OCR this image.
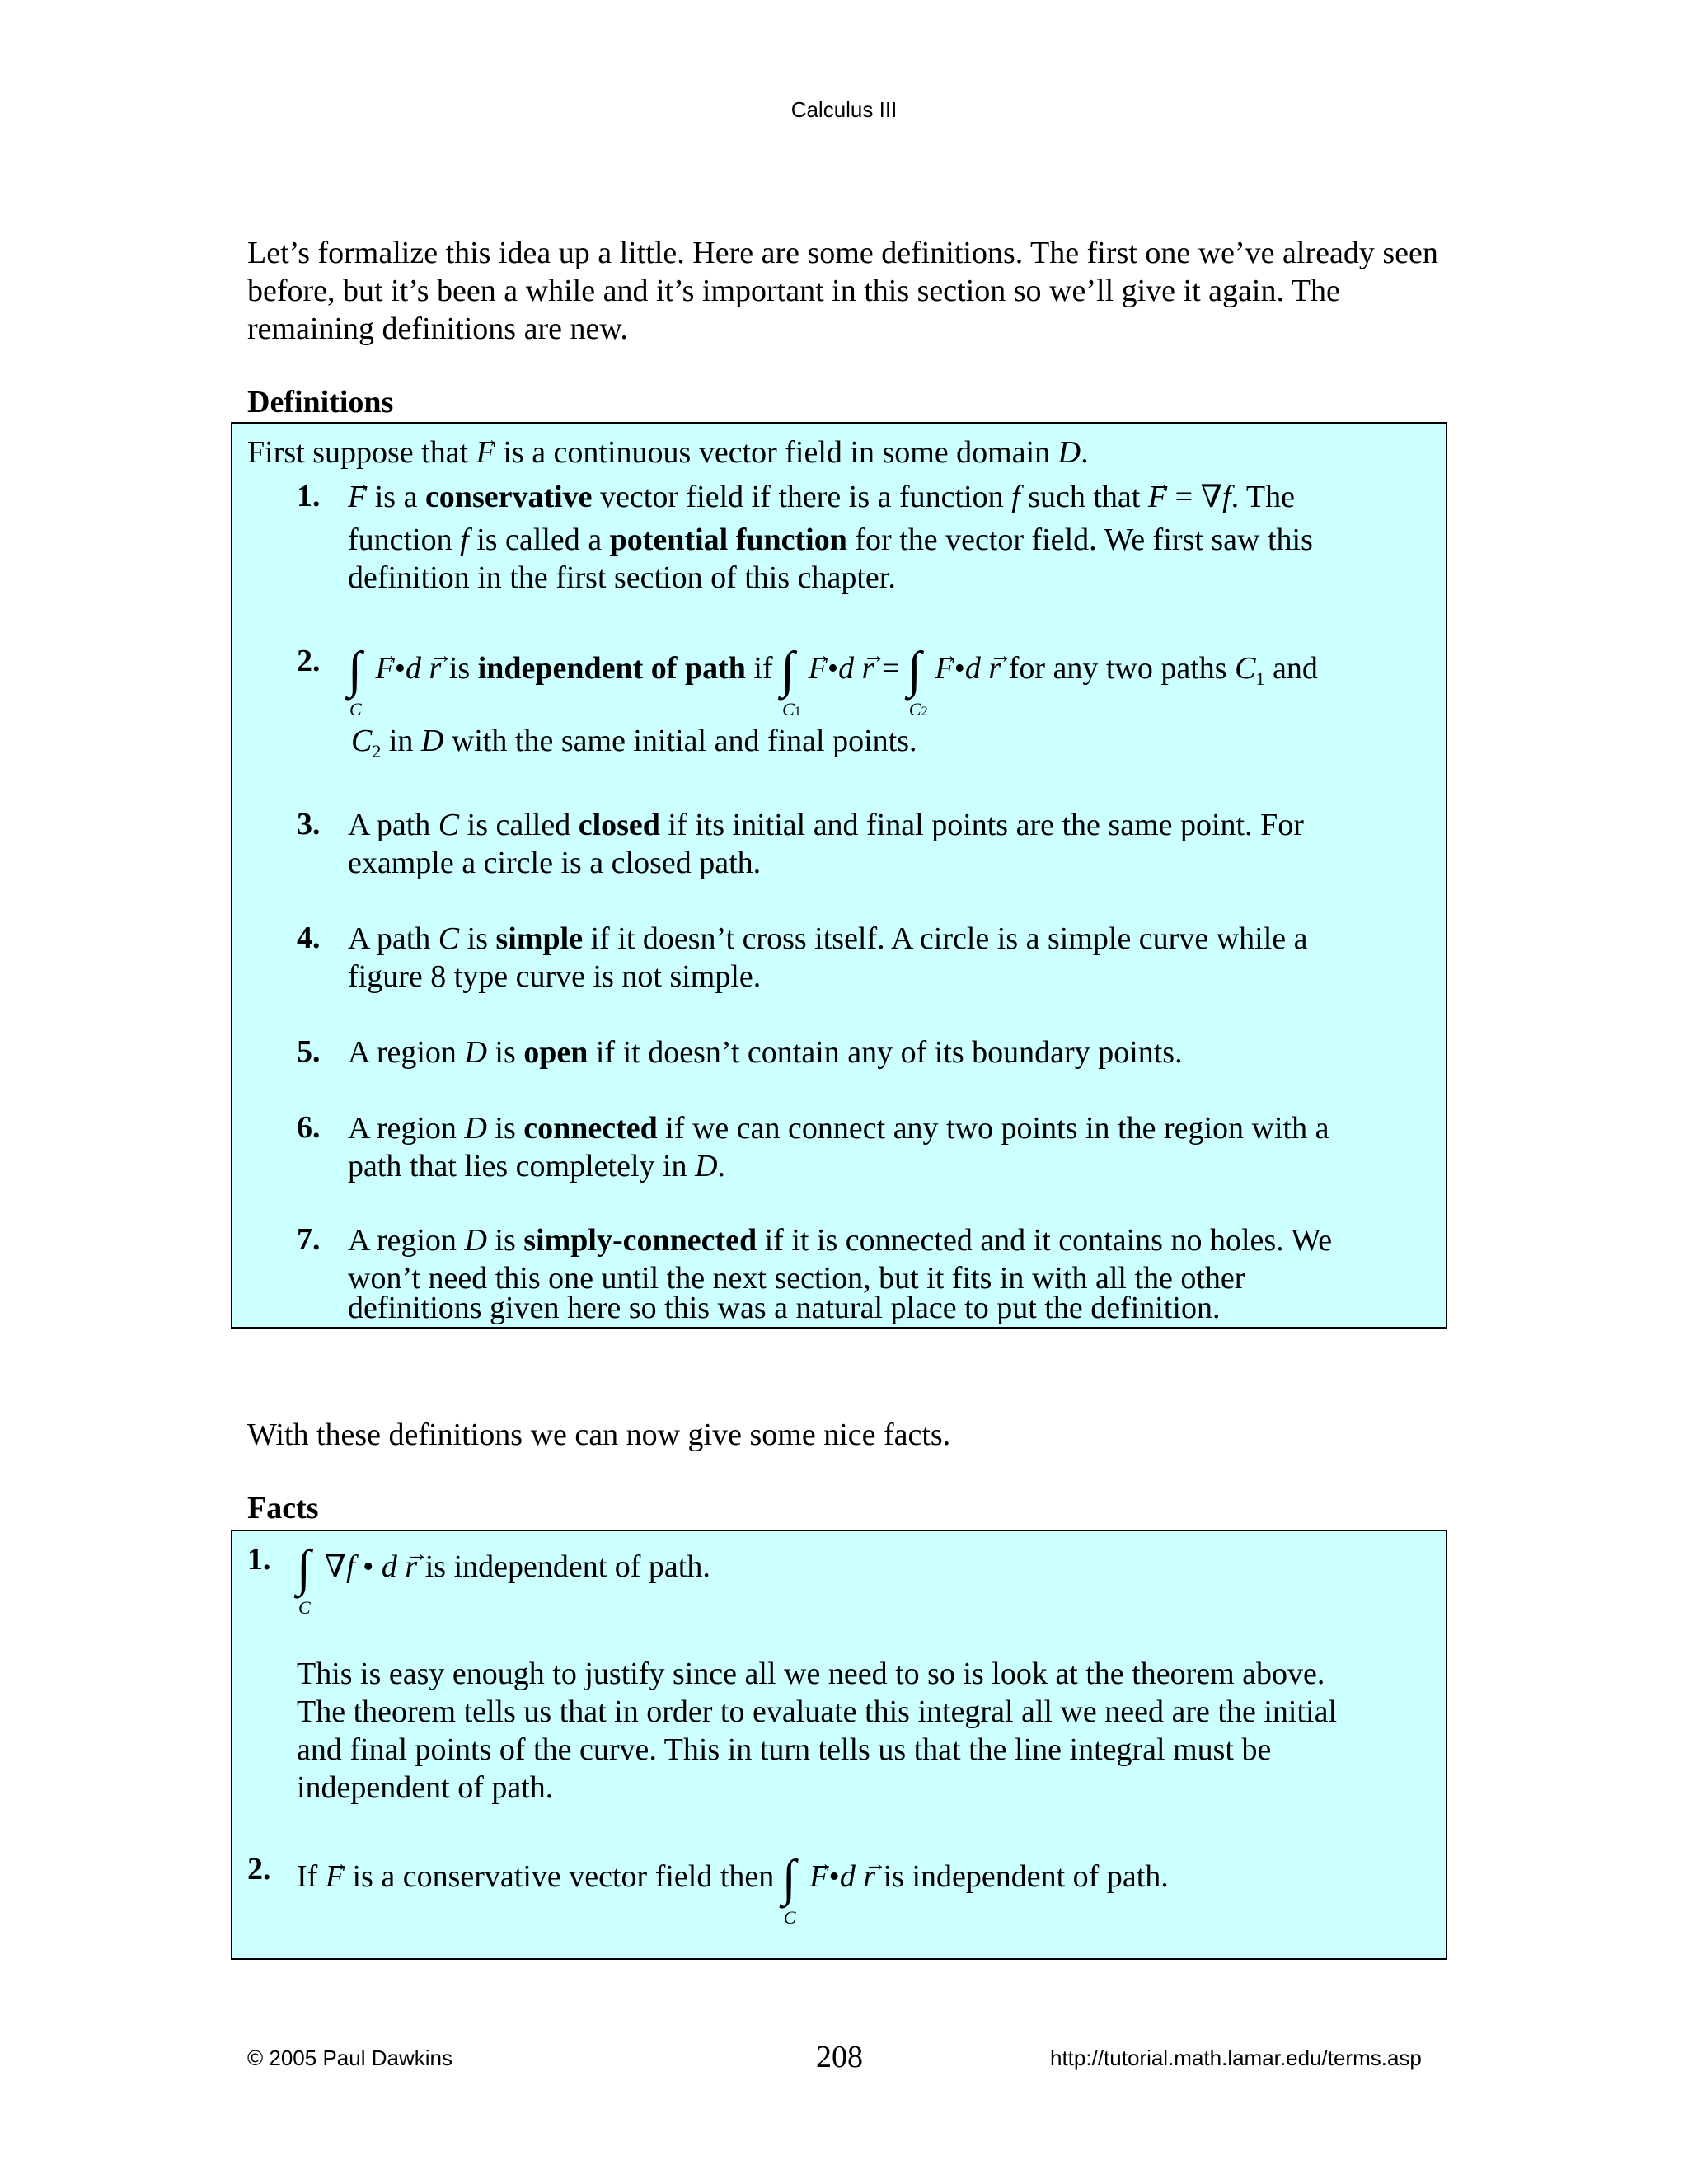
Calculus III

Let’s formalize this idea up a little. Here are some definitions. The first one we’ve already seen before, but it’s been a while and it’s important in this section so we’ll give it again. The remaining definitions are new.

Definitions
First suppose that → F is a continuous vector field in some domain D.
1. → F is a conservative vector field if there is a function f such that → F = ∇f. The
function f is called a potential function for the vector field. We first saw this
definition in the first section of this chapter.
2. ∫
C
→ F•d → r is independent of path if ∫
C1
→ F•d → r = ∫
C2
→ F•d → r for any two paths $C_1$ and
$C_2$ in D with the same initial and final points.
3. A path C is called closed if its initial and final points are the same point. For
example a circle is a closed path.
4. A path C is simple if it doesn’t cross itself. A circle is a simple curve while a
figure 8 type curve is not simple.
5. A region D is open if it doesn’t contain any of its boundary points.
6. A region D is connected if we can connect any two points in the region with a
path that lies completely in D.
7. A region D is simply-connected if it is connected and it contains no holes. We
won’t need this one until the next section, but it fits in with all the other
definitions given here so this was a natural place to put the definition.

With these definitions we can now give some nice facts.

Facts
1. ∫
C
∇f • d → r is independent of path.
This is easy enough to justify since all we need to so is look at the theorem above.
The theorem tells us that in order to evaluate this integral all we need are the initial
and final points of the curve. This in turn tells us that the line integral must be
independent of path.
2. If → F is a conservative vector field then ∫
C
→ F•d → r is independent of path.
© 2005 Paul Dawkins	208	http://tutorial.math.lamar.edu/terms.asp
